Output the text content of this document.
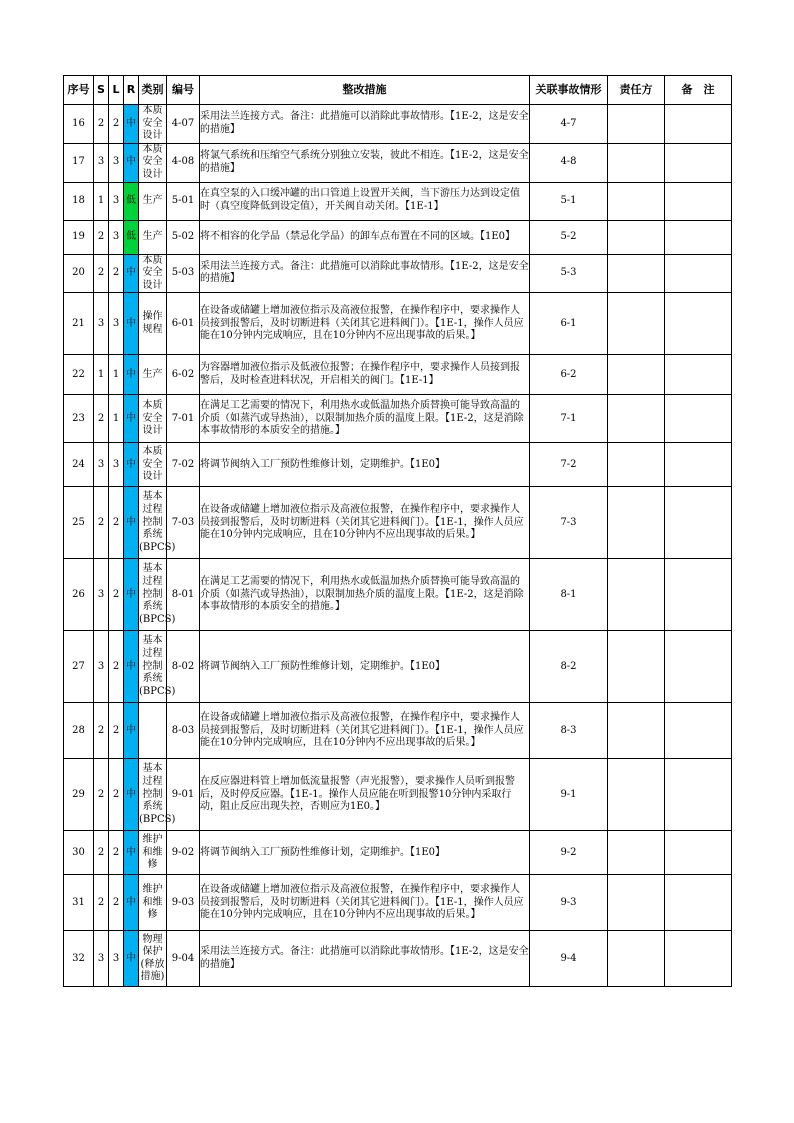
序号	S	L	R	类别	编号	整改措施	关联事故情形	责任方	备　注
16	2	2	中	本质安全设计	4-07	采用法兰连接方式。备注：此措施可以消除此事故情形。【1E-2，这是安全的措施】	4-7		
17	3	3	中	本质安全设计	4-08	将氯气系统和压缩空气系统分别独立安装，彼此不相连。【1E-2，这是安全的措施】	4-8		
18	1	3	低	生产	5-01	在真空泵的入口缓冲罐的出口管道上设置开关阀，当下游压力达到设定值时（真空度降低到设定值），开关阀自动关闭。【1E-1】	5-1		
19	2	3	低	生产	5-02	将不相容的化学品（禁忌化学品）的卸车点布置在不同的区域。【1E0】	5-2		
20	2	2	中	本质安全设计	5-03	采用法兰连接方式。备注：此措施可以消除此事故情形。【1E-2，这是安全的措施】	5-3		
21	3	3	中	操作规程	6-01	在设备或储罐上增加液位指示及高液位报警，在操作程序中，要求操作人员接到报警后，及时切断进料（关闭其它进料阀门）。【1E-1，操作人员应能在10分钟内完成响应，且在10分钟内不应出现事故的后果。】	6-1		
22	1	1	中	生产	6-02	为容器增加液位指示及低液位报警；在操作程序中，要求操作人员接到报警后，及时检查进料状况，开启相关的阀门。【1E-1】	6-2		
23	2	1	中	本质安全设计	7-01	在满足工艺需要的情况下，利用热水或低温加热介质替换可能导致高温的介质（如蒸汽或导热油），以限制加热介质的温度上限。【1E-2，这是消除本事故情形的本质安全的措施。】	7-1		
24	3	3	中	本质安全设计	7-02	将调节阀纳入工厂预防性维修计划，定期维护。【1E0】	7-2		
25	2	2	中	基本过程控制系统(BPCS)	7-03	在设备或储罐上增加液位指示及高液位报警，在操作程序中，要求操作人员接到报警后，及时切断进料（关闭其它进料阀门）。【1E-1，操作人员应能在10分钟内完成响应，且在10分钟内不应出现事故的后果。】	7-3		
26	3	2	中	基本过程控制系统(BPCS)	8-01	在满足工艺需要的情况下，利用热水或低温加热介质替换可能导致高温的介质（如蒸汽或导热油），以限制加热介质的温度上限。【1E-2，这是消除本事故情形的本质安全的措施。】	8-1		
27	3	2	中	基本过程控制系统(BPCS)	8-02	将调节阀纳入工厂预防性维修计划，定期维护。【1E0】	8-2		
28	2	2	中		8-03	在设备或储罐上增加液位指示及高液位报警，在操作程序中，要求操作人员接到报警后，及时切断进料（关闭其它进料阀门）。【1E-1，操作人员应能在10分钟内完成响应，且在10分钟内不应出现事故的后果。】	8-3		
29	2	2	中	基本过程控制系统(BPCS)	9-01	在反应器进料管上增加低流量报警（声光报警），要求操作人员听到报警后，及时停反应器。【1E-1。操作人员应能在听到报警10分钟内采取行动，阻止反应出现失控，否则应为1E0。】	9-1		
30	2	2	中	维护和维修	9-02	将调节阀纳入工厂预防性维修计划，定期维护。【1E0】	9-2		
31	2	2	中	维护和维修	9-03	在设备或储罐上增加液位指示及高液位报警，在操作程序中，要求操作人员接到报警后，及时切断进料（关闭其它进料阀门）。【1E-1，操作人员应能在10分钟内完成响应，且在10分钟内不应出现事故的后果。】	9-3		
32	3	3	中	物理保护(释放措施)	9-04	采用法兰连接方式。备注：此措施可以消除此事故情形。【1E-2，这是安全的措施】	9-4		
